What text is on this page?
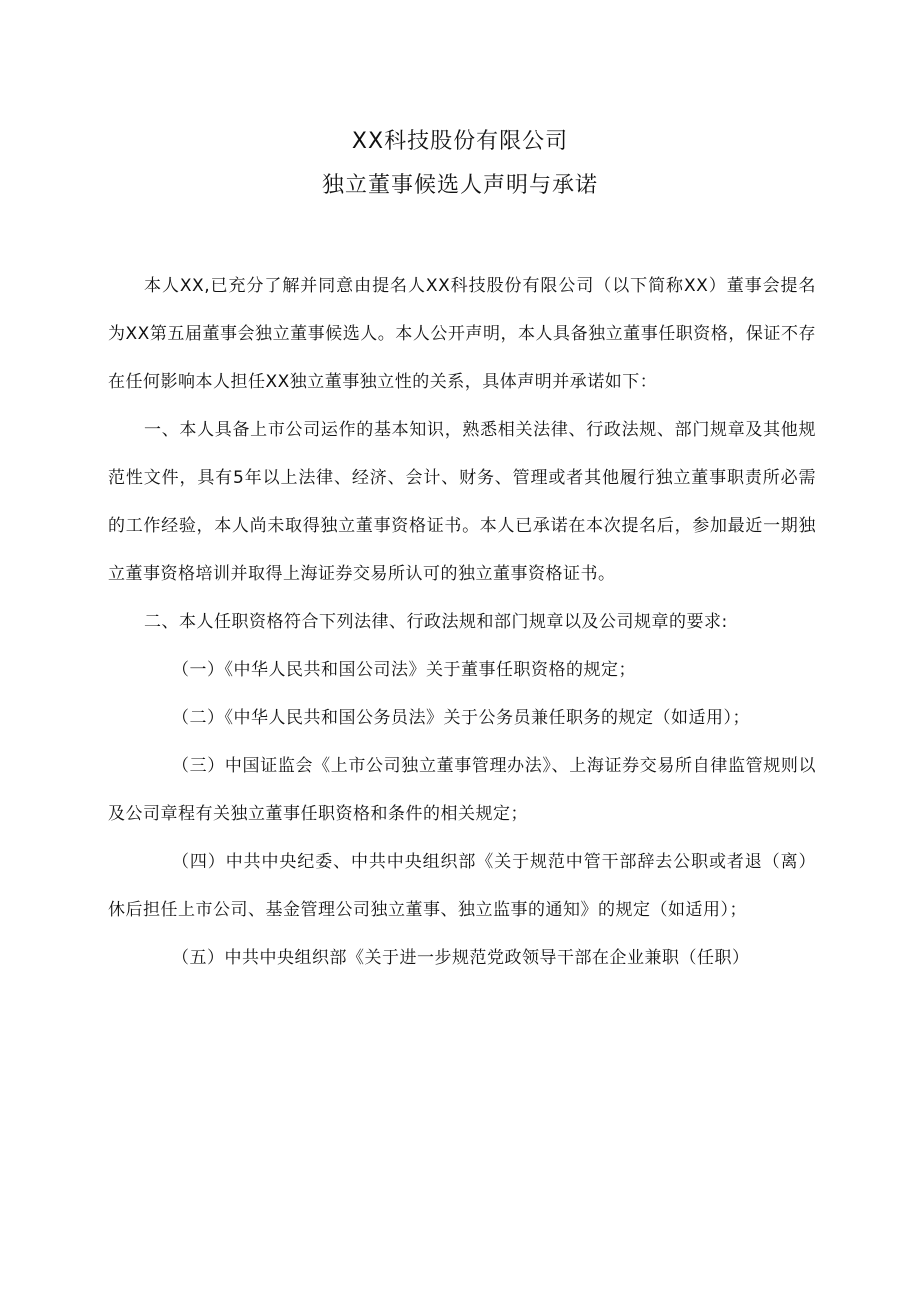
XX科技股份有限公司
独立董事候选人声明与承诺

本人XX,已充分了解并同意由提名人XX科技股份有限公司（以下简称XX）董事会提名为XX第五届董事会独立董事候选人。本人公开声明，本人具备独立董事任职资格，保证不存在任何影响本人担任XX独立董事独立性的关系，具体声明并承诺如下：

一、本人具备上市公司运作的基本知识，熟悉相关法律、行政法规、部门规章及其他规范性文件，具有5年以上法律、经济、会计、财务、管理或者其他履行独立董事职责所必需的工作经验，本人尚未取得独立董事资格证书。本人已承诺在本次提名后，参加最近一期独立董事资格培训并取得上海证券交易所认可的独立董事资格证书。

二、本人任职资格符合下列法律、行政法规和部门规章以及公司规章的要求:

（一）《中华人民共和国公司法》关于董事任职资格的规定；

（二）《中华人民共和国公务员法》关于公务员兼任职务的规定（如适用）；

（三）中国证监会《上市公司独立董事管理办法》、上海证券交易所自律监管规则以及公司章程有关独立董事任职资格和条件的相关规定；

（四）中共中央纪委、中共中央组织部《关于规范中管干部辞去公职或者退（离）休后担任上市公司、基金管理公司独立董事、独立监事的通知》的规定（如适用）；

（五）中共中央组织部《关于进一步规范党政领导干部在企业兼职（任职）
